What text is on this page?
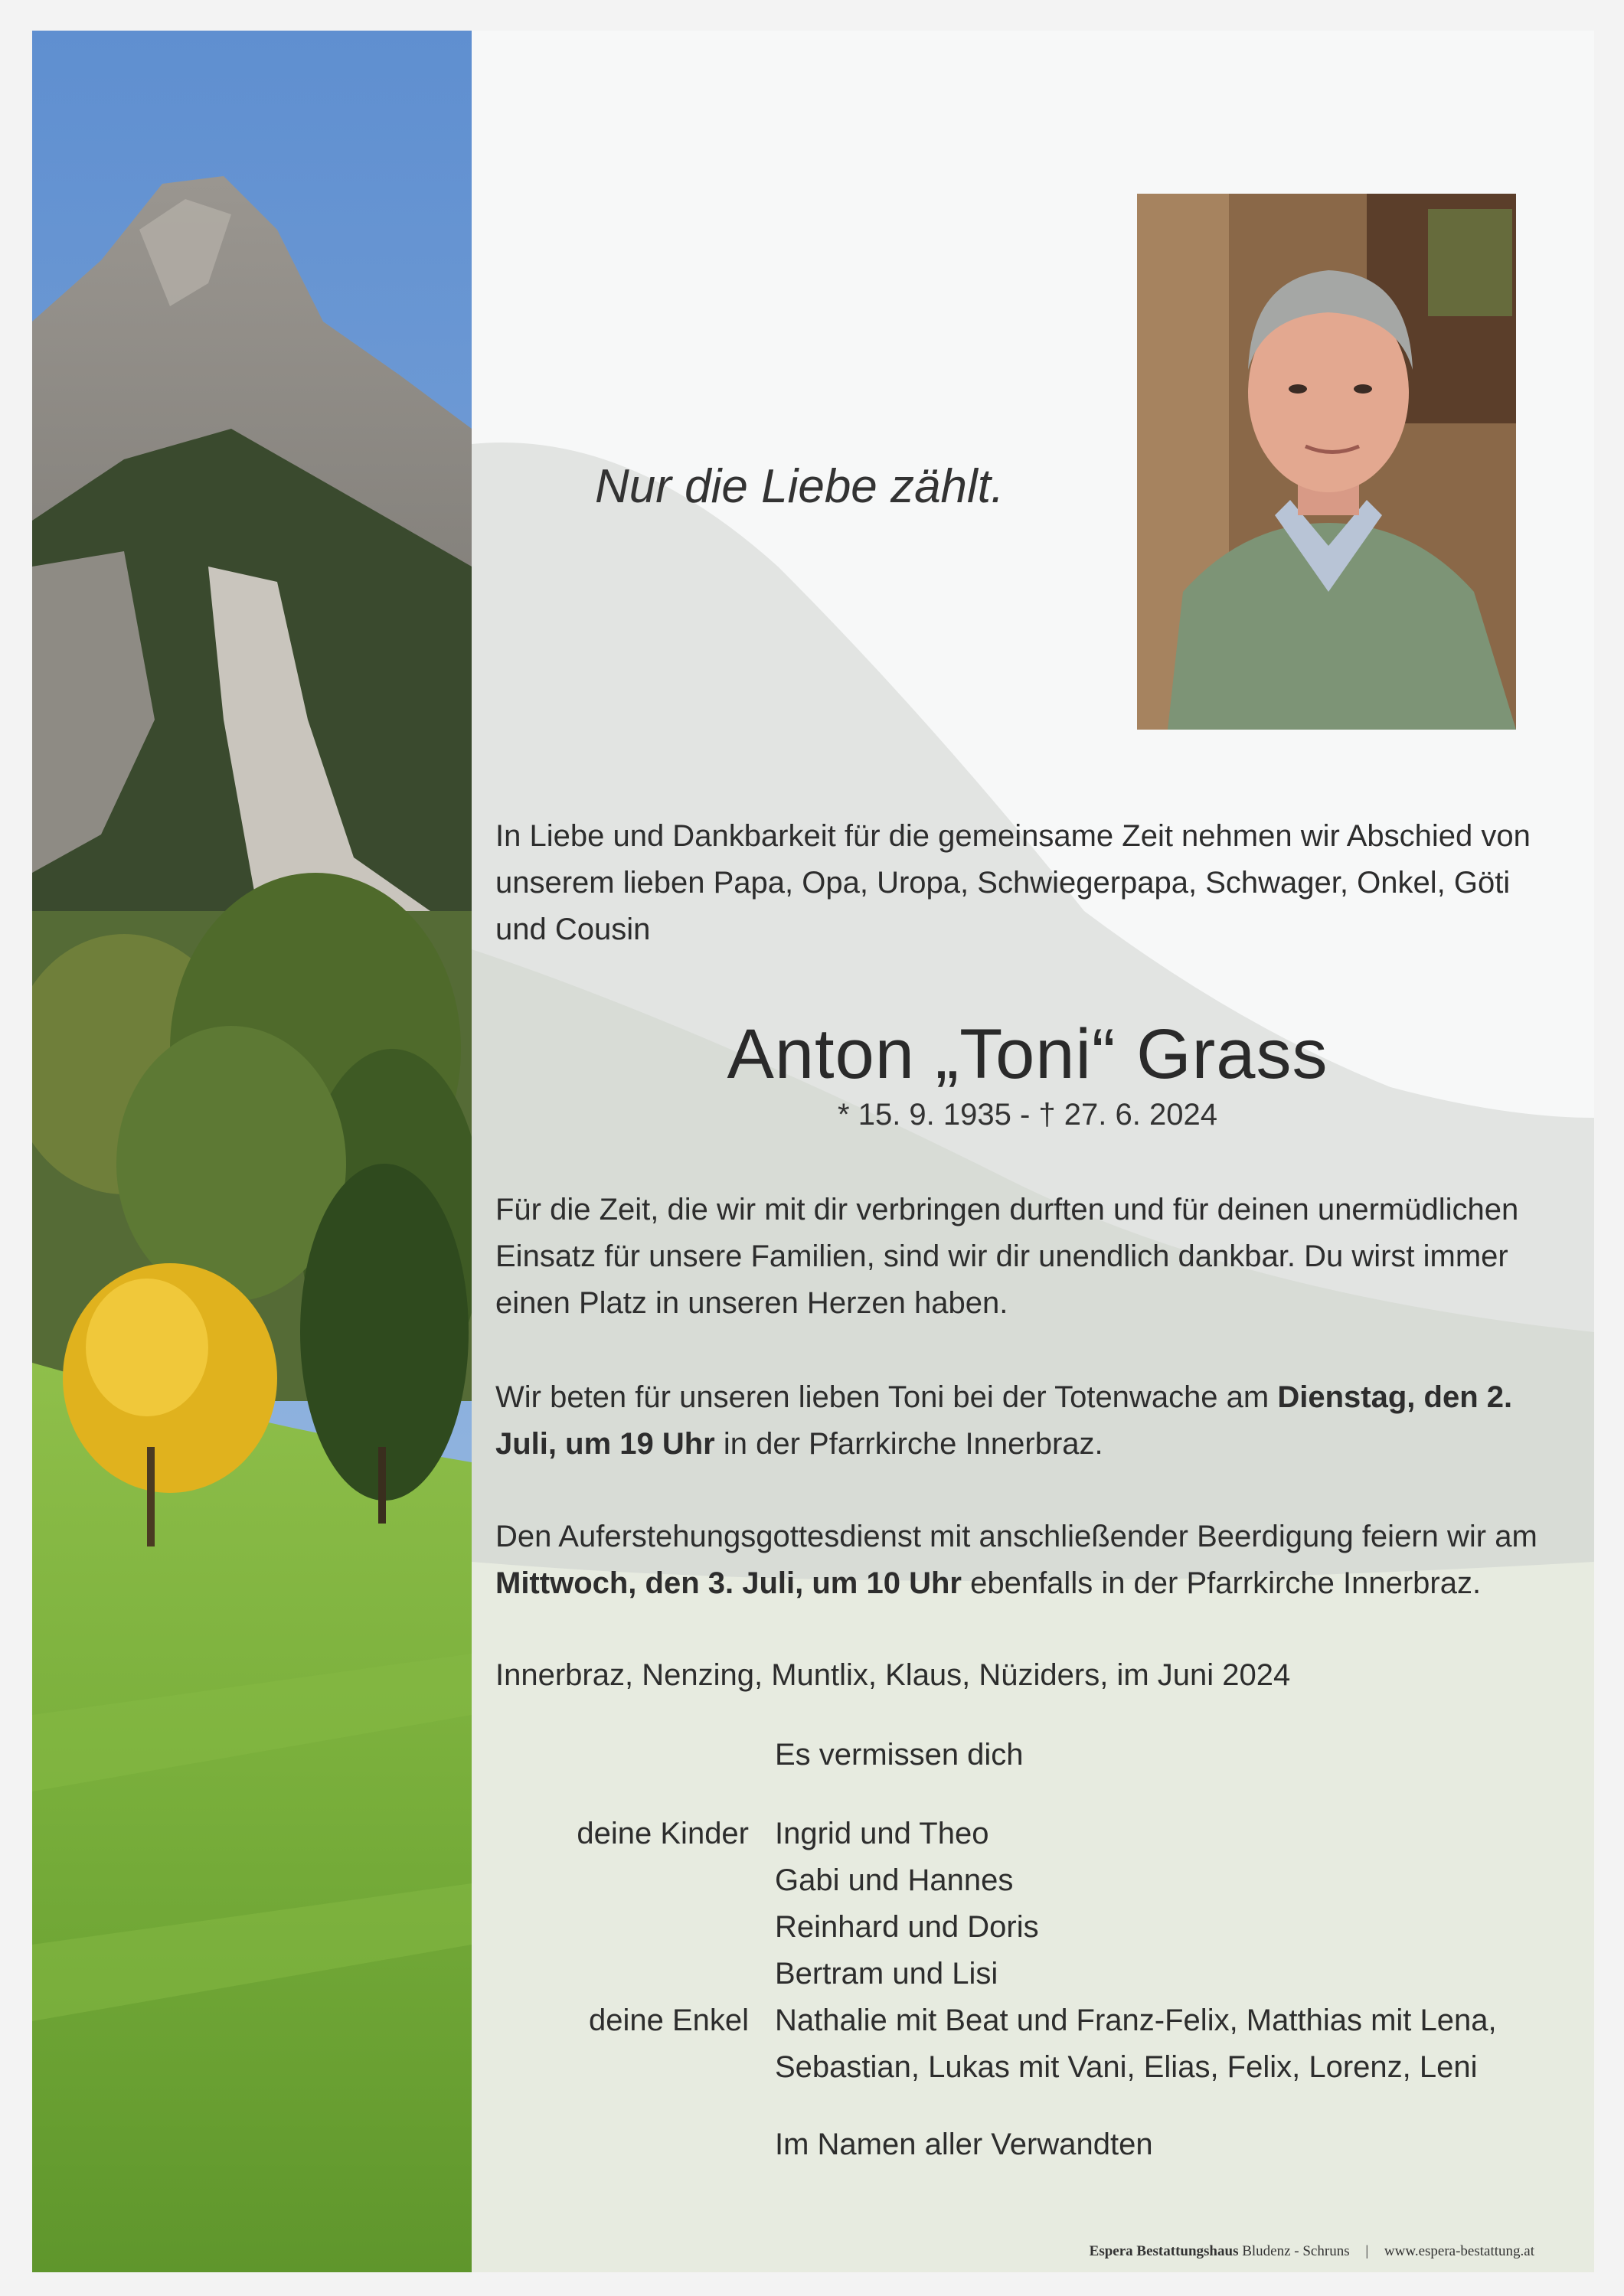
Nur die Liebe zählt.
In Liebe und Dankbarkeit für die gemeinsame Zeit nehmen wir Abschied von unserem lieben Papa, Opa, Uropa, Schwiegerpapa, Schwager, Onkel, Göti und Cousin
Anton „Toni“ Grass
* 15. 9. 1935 - † 27. 6. 2024
Für die Zeit, die wir mit dir verbringen durften und für deinen unermüdlichen Einsatz für unsere Familien, sind wir dir unendlich dankbar. Du wirst immer einen Platz in unseren Herzen haben.
Wir beten für unseren lieben Toni bei der Totenwache am Dienstag, den 2. Juli, um 19 Uhr in der Pfarrkirche Innerbraz.
Den Auferstehungsgottesdienst mit anschließender Beerdigung feiern wir am Mittwoch, den 3. Juli, um 10 Uhr ebenfalls in der Pfarrkirche Innerbraz.
Innerbraz, Nenzing, Muntlix, Klaus, Nüziders, im Juni 2024
Es vermissen dich
deine Kinder Ingrid und Theo
Gabi und Hannes
Reinhard und Doris
Bertram und Lisi
deine Enkel Nathalie mit Beat und Franz-Felix, Matthias mit Lena,
Sebastian, Lukas mit Vani, Elias, Felix, Lorenz, Leni
Im Namen aller Verwandten
Espera Bestattungshaus Bludenz - Schruns | www.espera-bestattung.at
